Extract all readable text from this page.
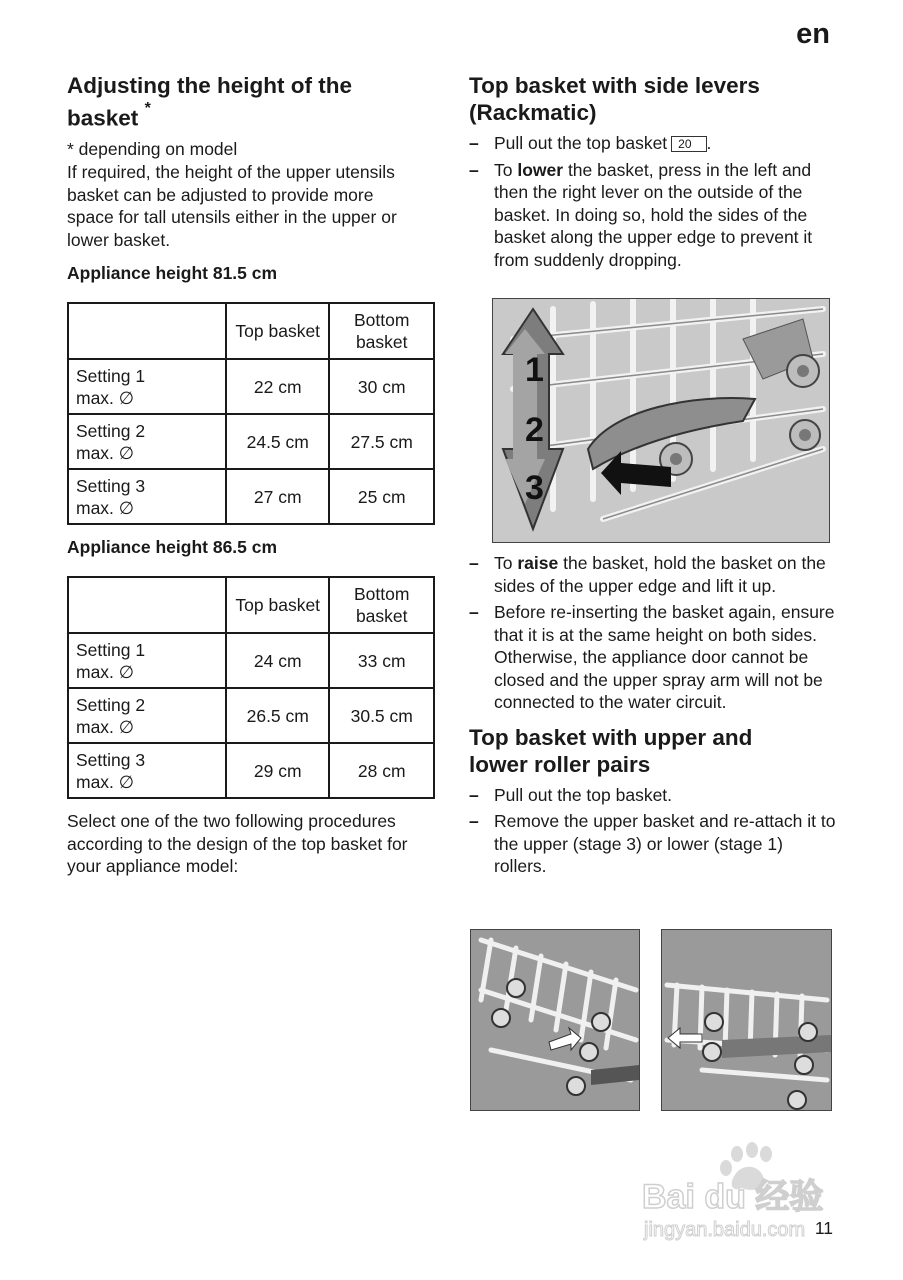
en
Adjusting the height of the basket *

* depending on model

If required, the height of the upper utensils basket can be adjusted to provide more space for tall utensils either in the upper or lower basket.

Appliance height 81.5 cm
	Top basket	Bottom basket
Setting 1
max. ∅	22 cm	30 cm
Setting 2
max. ∅	24.5 cm	27.5 cm
Setting 3
max. ∅	27 cm	25 cm
Appliance height 86.5 cm
	Top basket	Bottom basket
Setting 1
max. ∅	24 cm	33 cm
Setting 2
max. ∅	26.5 cm	30.5 cm
Setting 3
max. ∅	29 cm	28 cm

Select one of the two following procedures according to the design of the top basket for your appliance model:

Top basket with side levers (Rackmatic)
– Pull out the top basket 20 .
– To lower the basket, press in the left and then the right lever on the outside of the basket. In doing so, hold the sides of the basket along the upper edge to prevent it from suddenly dropping.
1
2
3
– To raise the basket, hold the basket on the sides of the upper edge and lift it up.
– Before re-inserting the basket again, ensure that it is at the same height on both sides. Otherwise, the appliance door cannot be closed and the upper spray arm will not be connected to the water circuit.
Top basket with upper and lower roller pairs
– Pull out the top basket.
– Remove the upper basket and re-attach it to the upper (stage 3) or lower (stage 1) rollers.
Bai du 经验
jingyan.baidu.com 11
